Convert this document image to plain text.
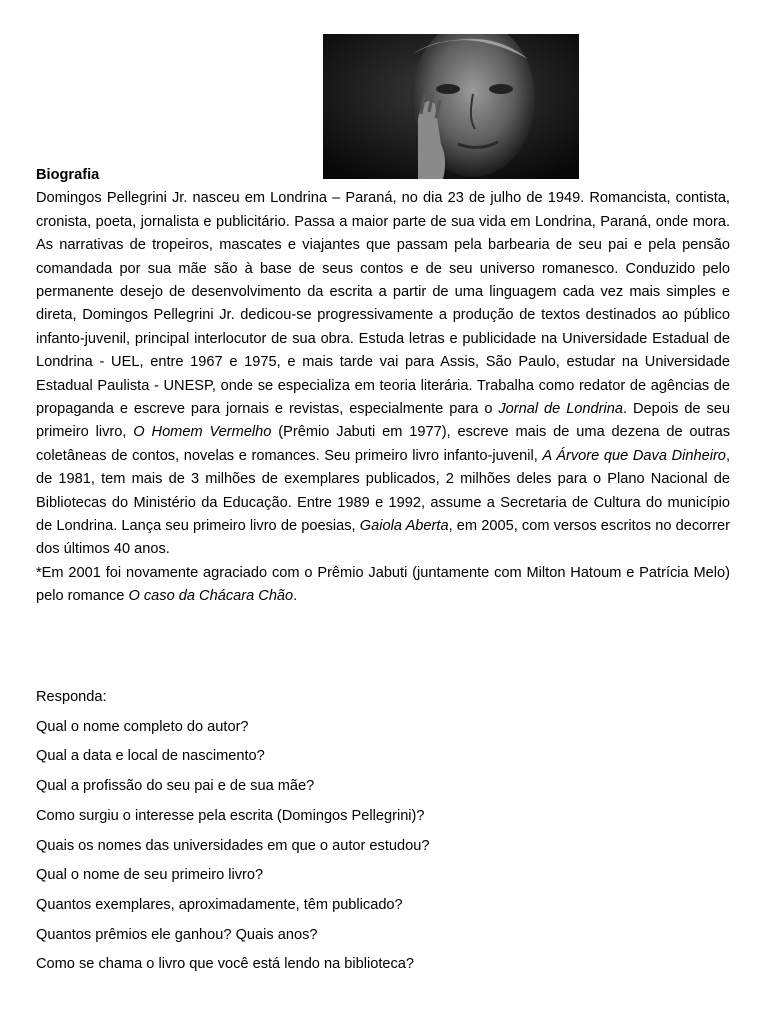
Biografia

Domingos Pellegrini Jr. nasceu em Londrina – Paraná, no dia 23 de julho de 1949. Romancista, contista, cronista, poeta, jornalista e publicitário. Passa a maior parte de sua vida em Londrina, Paraná, onde mora. As narrativas de tropeiros, mascates e viajantes que passam pela barbearia de seu pai e pela pensão comandada por sua mãe são à base de seus contos e de seu universo romanesco. Conduzido pelo permanente desejo de desenvolvimento da escrita a partir de uma linguagem cada vez mais simples e direta, Domingos Pellegrini Jr. dedicou-se progressivamente a produção de textos destinados ao público infanto-juvenil, principal interlocutor de sua obra. Estuda letras e publicidade na Universidade Estadual de Londrina - UEL, entre 1967 e 1975, e mais tarde vai para Assis, São Paulo, estudar na Universidade Estadual Paulista - UNESP, onde se especializa em teoria literária. Trabalha como redator de agências de propaganda e escreve para jornais e revistas, especialmente para o Jornal de Londrina. Depois de seu primeiro livro, O Homem Vermelho (Prêmio Jabuti em 1977), escreve mais de uma dezena de outras coletâneas de contos, novelas e romances. Seu primeiro livro infanto-juvenil, A Árvore que Dava Dinheiro, de 1981, tem mais de 3 milhões de exemplares publicados, 2 milhões deles para o Plano Nacional de Bibliotecas do Ministério da Educação. Entre 1989 e 1992, assume a Secretaria de Cultura do município de Londrina. Lança seu primeiro livro de poesias, Gaiola Aberta, em 2005, com versos escritos no decorrer dos últimos 40 anos.

*Em 2001 foi novamente agraciado com o Prêmio Jabuti (juntamente com Milton Hatoum e Patrícia Melo) pelo romance O caso da Chácara Chão.

Responda:

Qual o nome completo do autor?

Qual a data e local de nascimento?

Qual a profissão do seu pai e de sua mãe?

Como surgiu o interesse pela escrita (Domingos Pellegrini)?

Quais os nomes das universidades em que o autor estudou?

Qual o nome de seu primeiro livro?

Quantos exemplares, aproximadamente, têm publicado?

Quantos prêmios ele ganhou? Quais anos?

Como se chama o livro que você está lendo na biblioteca?
